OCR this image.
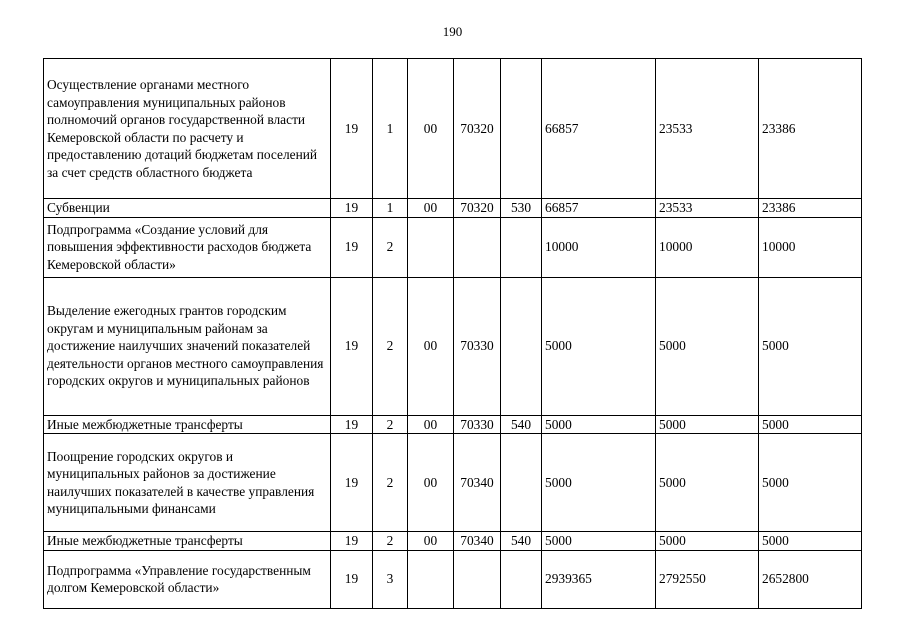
190
Осуществление органами местного самоуправления муниципальных районов полномочий органов государственной власти Кемеровской области по расчету и предоставлению дотаций бюджетам поселений за счет средств областного бюджета	19	1	00	70320		66857	23533	23386
Субвенции	19	1	00	70320	530	66857	23533	23386
Подпрограмма «Создание условий для повышения эффективности расходов бюджета Кемеровской области»	19	2				10000	10000	10000
Выделение ежегодных грантов городским округам и муниципальным районам за достижение наилучших значений показателей деятельности органов местного самоуправления городских округов и муниципальных районов	19	2	00	70330		5000	5000	5000
Иные межбюджетные трансферты	19	2	00	70330	540	5000	5000	5000
Поощрение городских округов и муниципальных районов за достижение наилучших показателей в качестве управления муниципальными финансами	19	2	00	70340		5000	5000	5000
Иные межбюджетные трансферты	19	2	00	70340	540	5000	5000	5000
Подпрограмма «Управление государственным долгом Кемеровской области»	19	3				2939365	2792550	2652800
